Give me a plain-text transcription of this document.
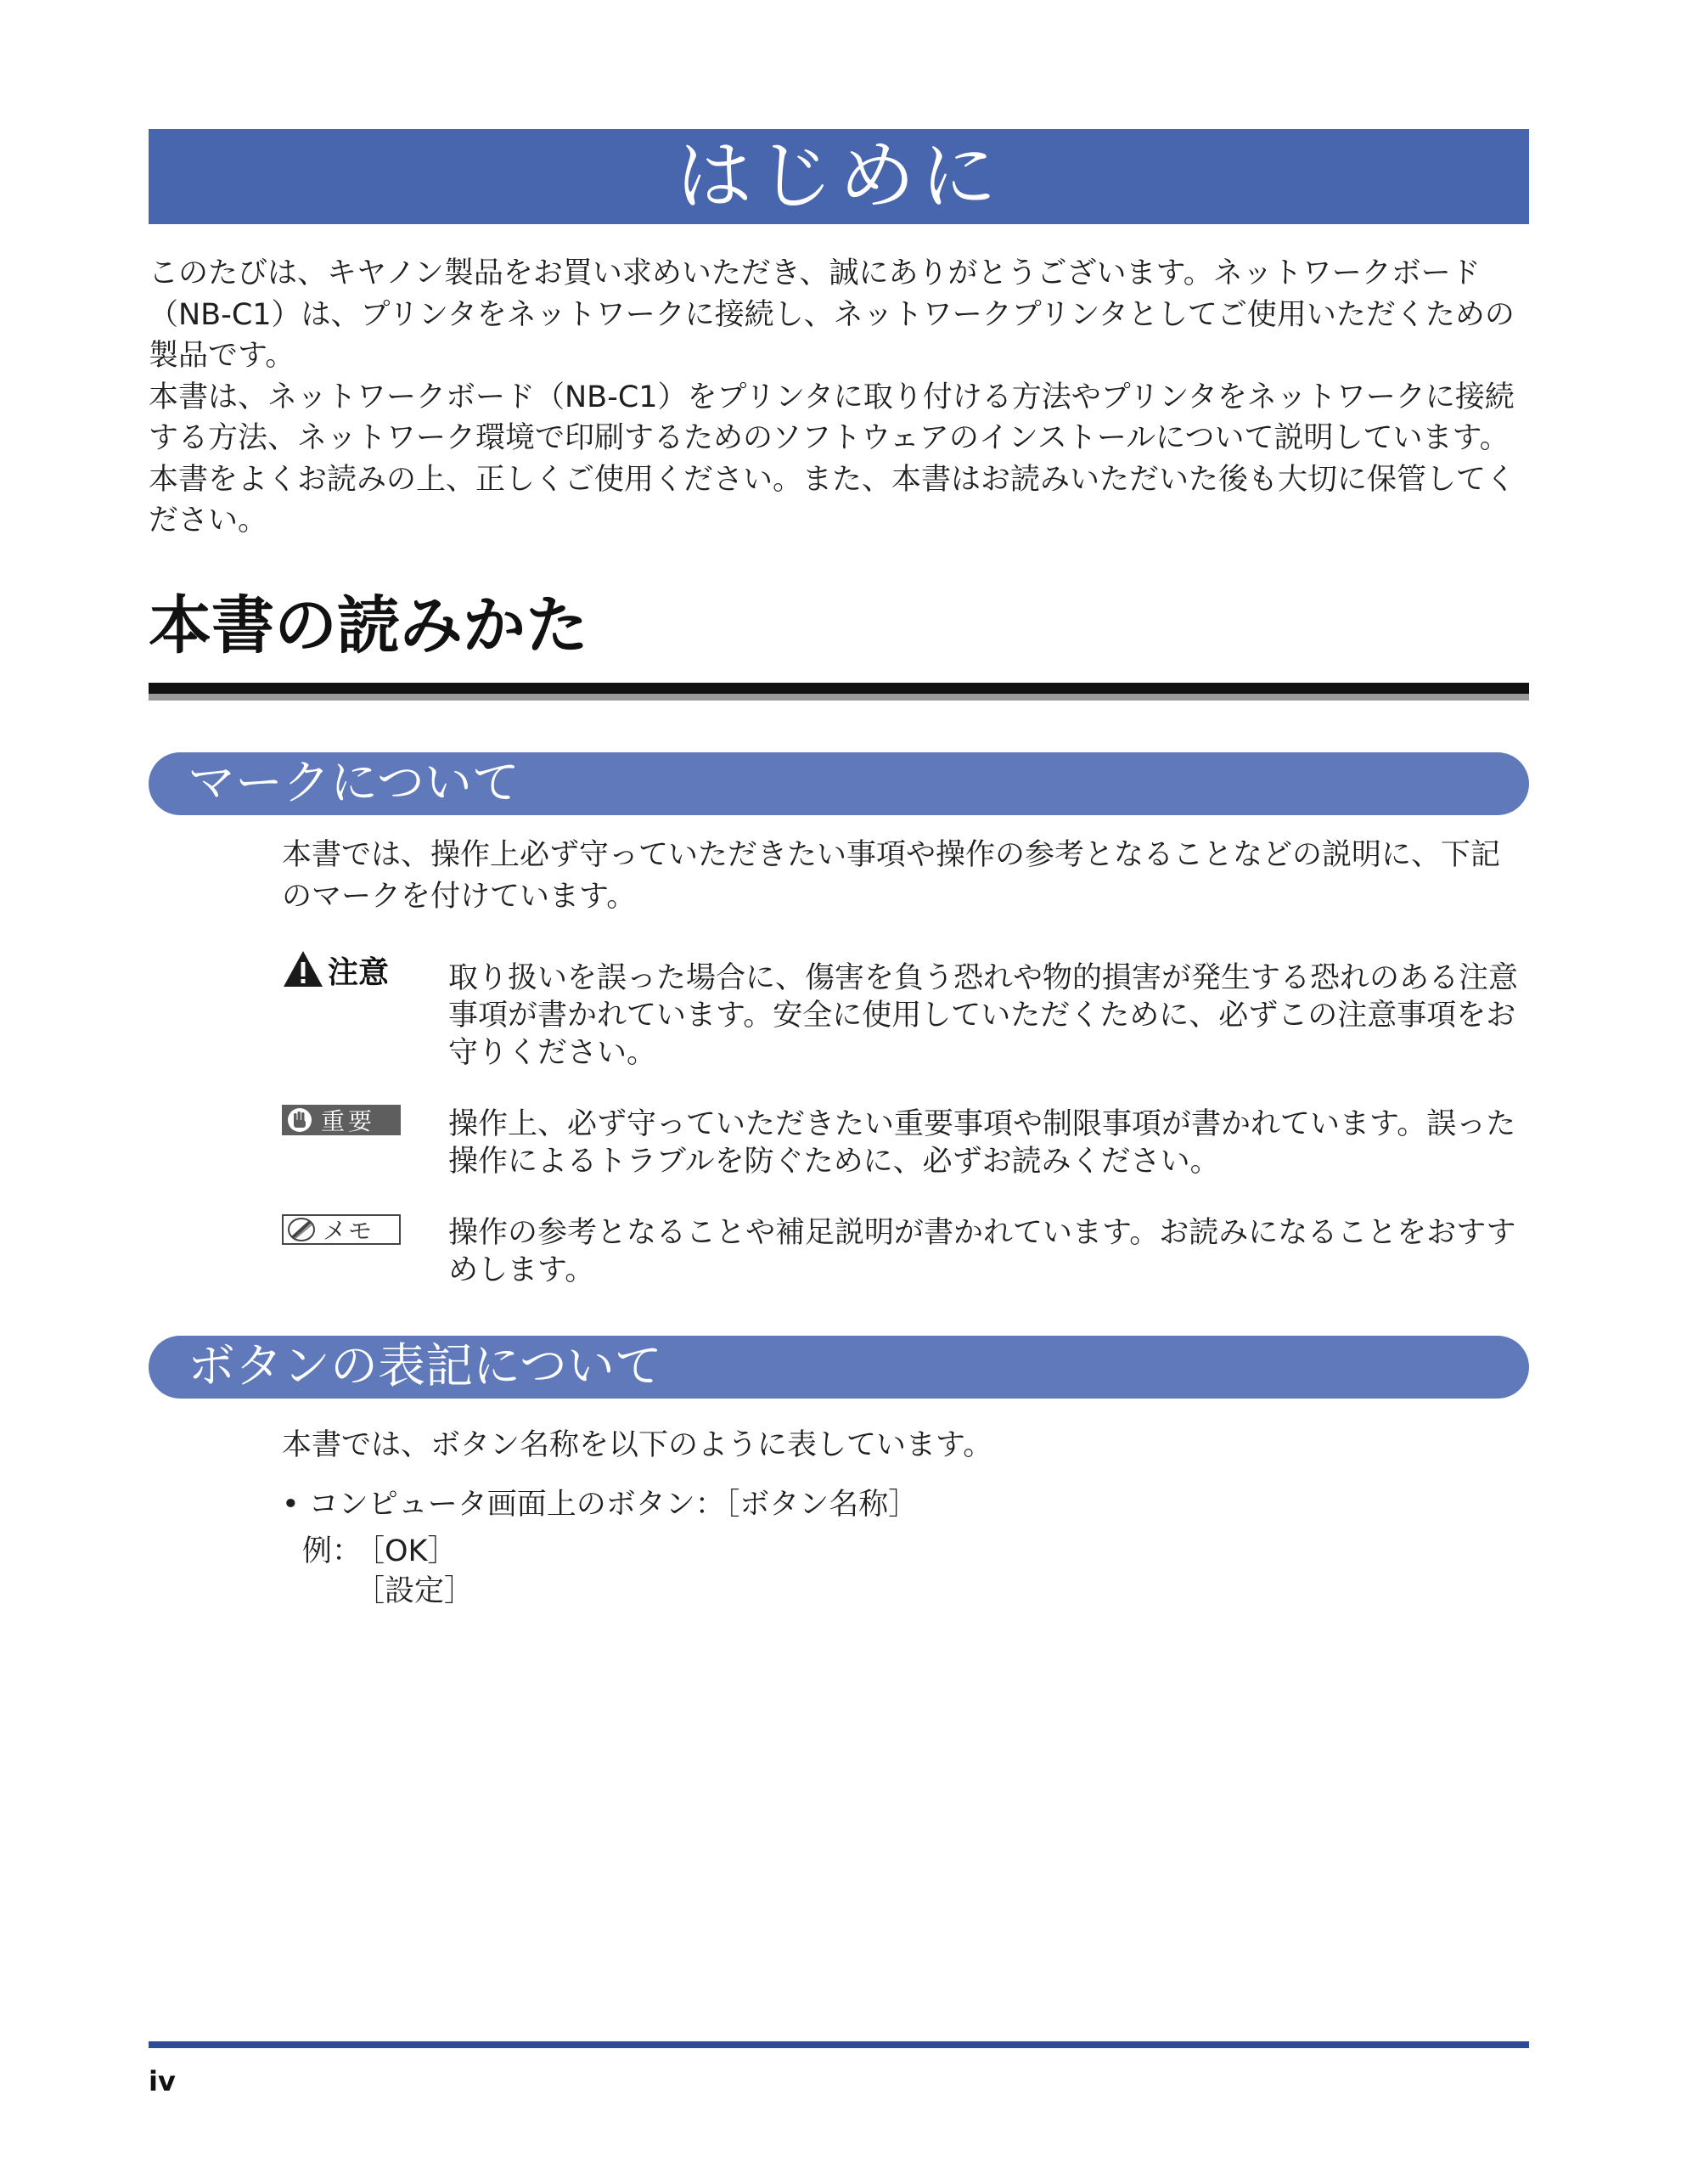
はじめに

このたびは、キヤノン製品をお買い求めいただき、誠にありがとうございます。ネットワークボード（NB-C1）は、プリンタをネットワークに接続し、ネットワークプリンタとしてご使用いただくための製品です。

本書は、ネットワークボード（NB-C1）をプリンタに取り付ける方法やプリンタをネットワークに接続する方法、ネットワーク環境で印刷するためのソフトウェアのインストールについて説明しています。本書をよくお読みの上、正しくご使用ください。また、本書はお読みいただいた後も大切に保管してください。

本書の読みかた
マークについて

本書では、操作上必ず守っていただきたい事項や操作の参考となることなどの説明に、下記のマークを付けています。

注意 取り扱いを誤った場合に、傷害を負う恐れや物的損害が発生する恐れのある注意事項が書かれています。安全に使用していただくために、必ずこの注意事項をお守りください。

重要 操作上、必ず守っていただきたい重要事項や制限事項が書かれています。誤った操作によるトラブルを防ぐために、必ずお読みください。

メモ	操作の参考となることや補足説明が書かれています。お読みになることをおすすめします。

ボタンの表記について

本書では、ボタン名称を以下のように表しています。

• コンピュータ画面上のボタン：［ボタン名称］

例：

［OK］

［設定］

iv
